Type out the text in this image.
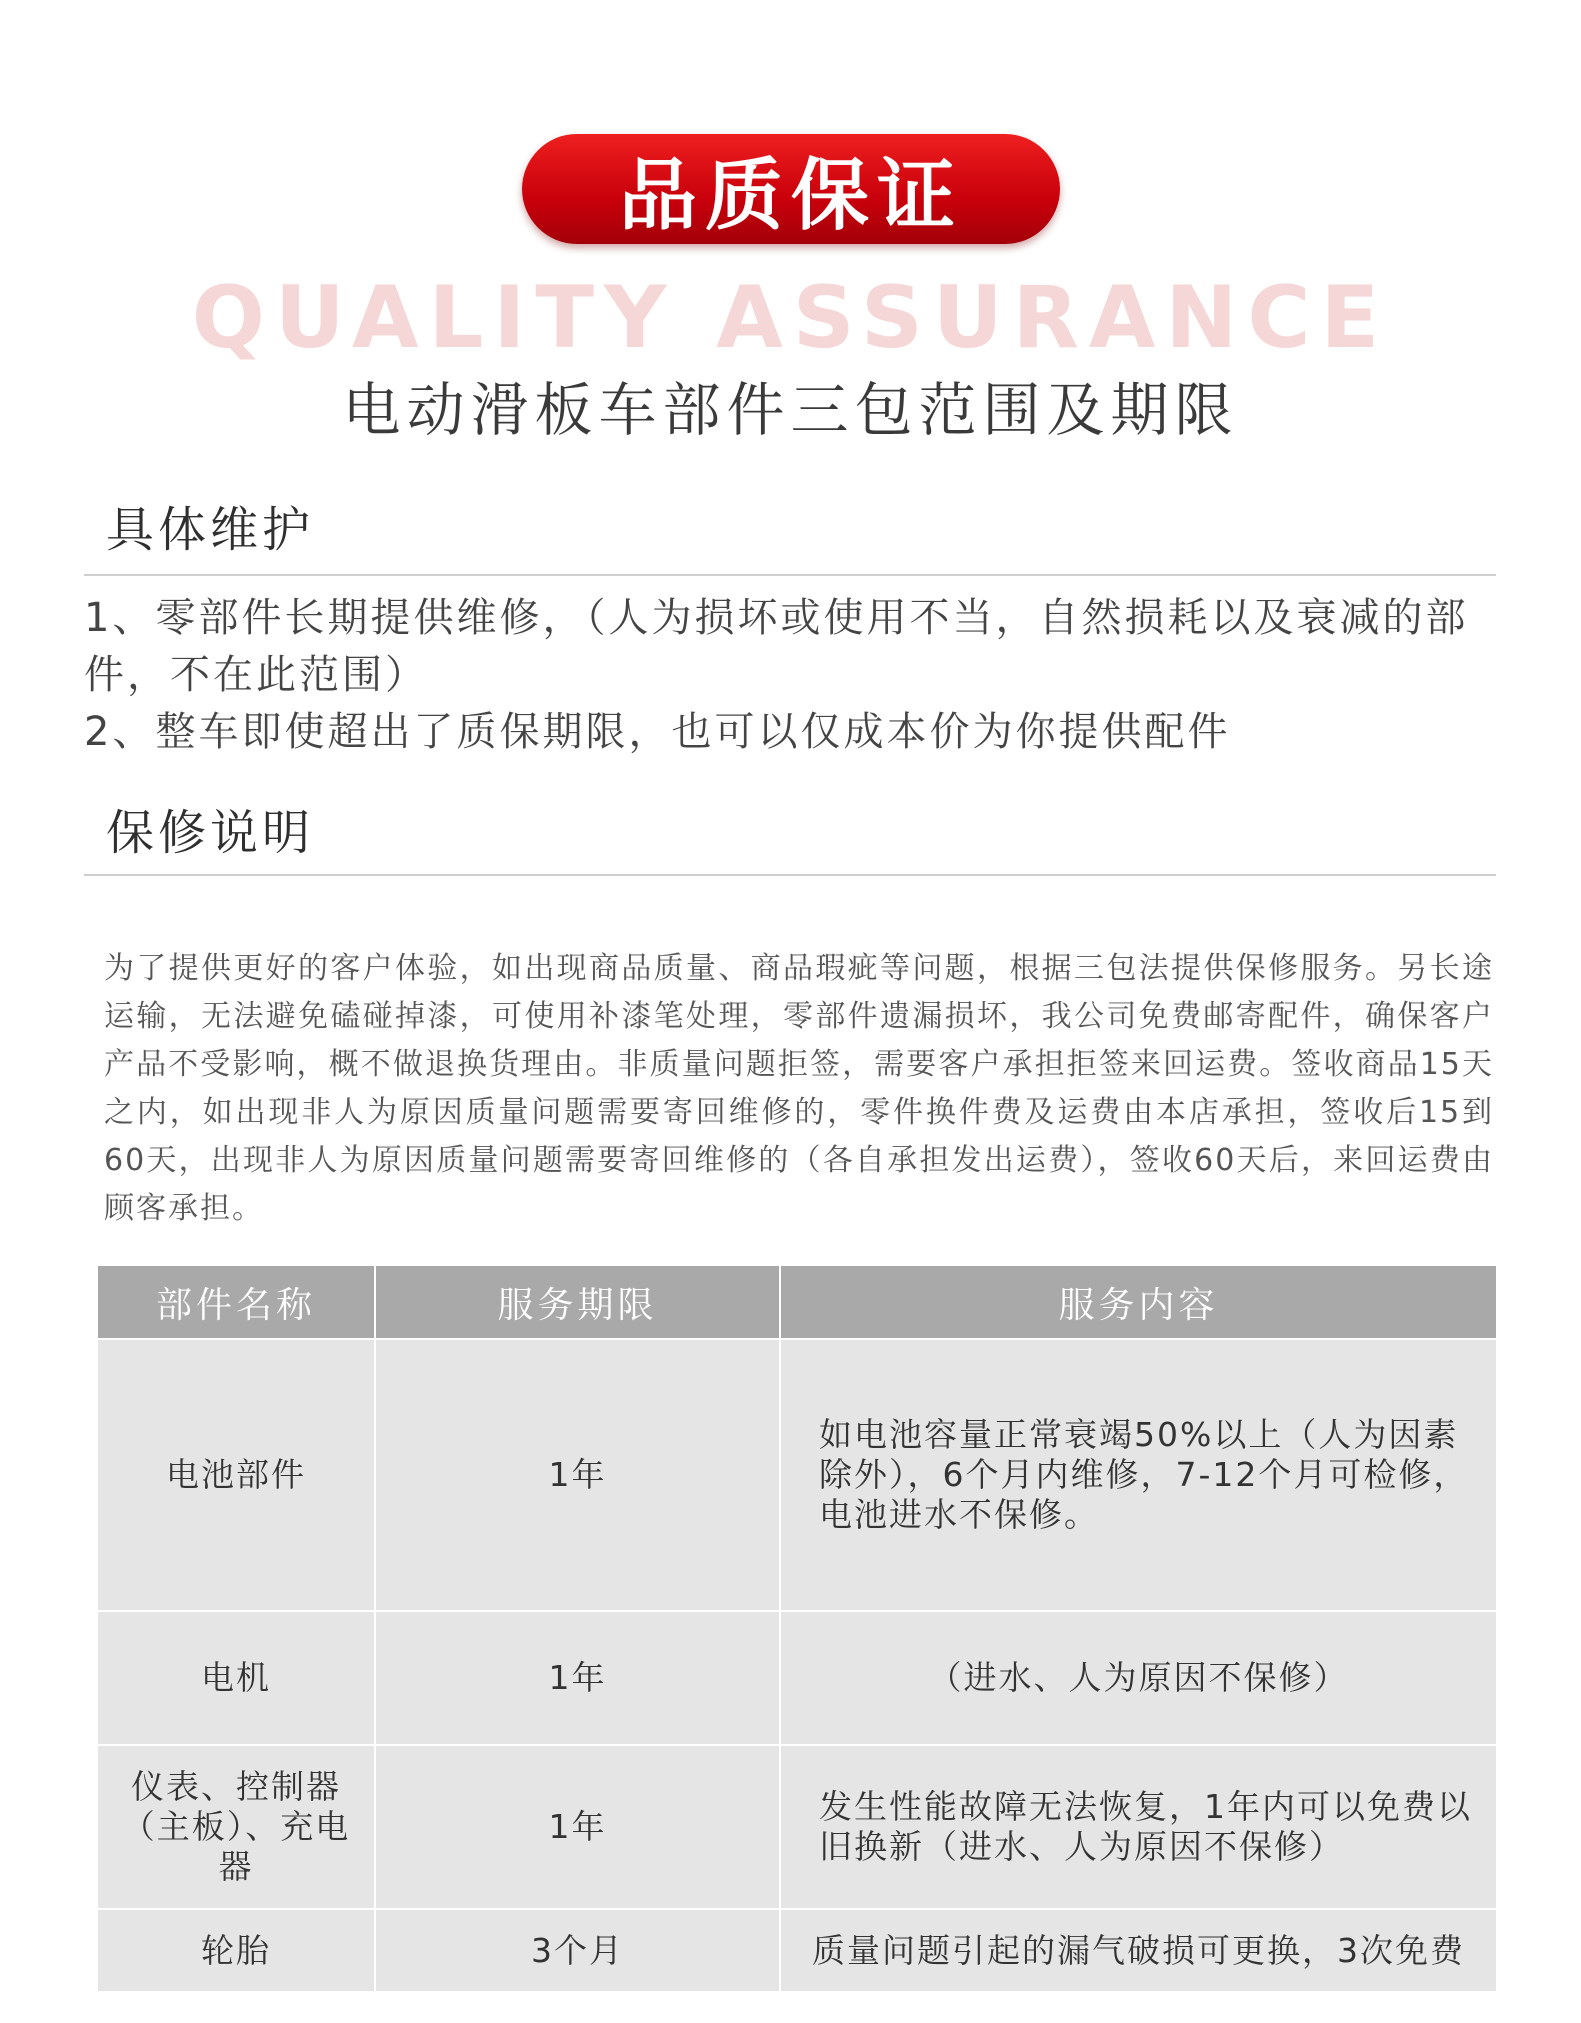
品质保证
QUALITY ASSURANCE
电动滑板车部件三包范围及期限
具体维护

1、零部件长期提供维修，（人为损坏或使用不当，自然损耗以及衰减的部件，不在此范围）

2、整车即使超出了质保期限，也可以仅成本价为你提供配件

保修说明
为了提供更好的客户体验，如出现商品质量、商品瑕疵等问题，根据三包法提供保修服务。另长途运输，无法避免磕碰掉漆，可使用补漆笔处理，零部件遗漏损坏，我公司免费邮寄配件，确保客户产品不受影响，概不做退换货理由。非质量问题拒签，需要客户承担拒签来回运费。签收商品15天之内，如出现非人为原因质量问题需要寄回维修的，零件换件费及运费由本店承担，签收后15到60天，出现非人为原因质量问题需要寄回维修的（各自承担发出运费），签收60天后，来回运费由顾客承担。
部件名称	服务期限	服务内容
电池部件	1年	如电池容量正常衰竭50%以上（人为因素除外），6个月内维修，7-12个月可检修，电池进水不保修。
电机	1年	（进水、人为原因不保修）
仪表、控制器（主板）、充电器	1年	发生性能故障无法恢复，1年内可以免费以旧换新（进水、人为原因不保修）
轮胎	3个月	质量问题引起的漏气破损可更换，3次免费
